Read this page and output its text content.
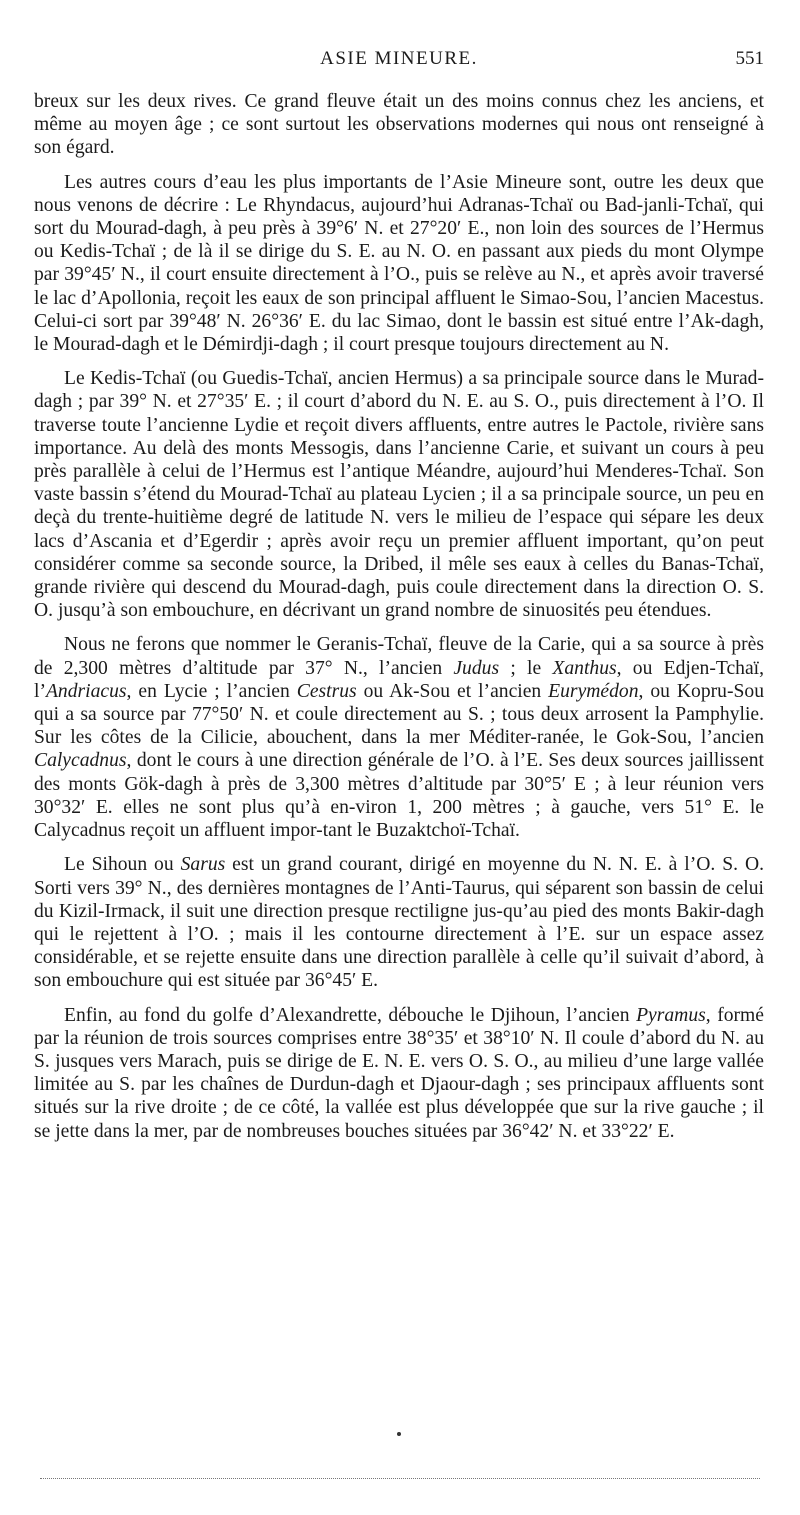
ASIE MINEURE.	551

breux sur les deux rives. Ce grand fleuve était un des moins connus chez les anciens, et même au moyen âge ; ce sont surtout les observations modernes qui nous ont renseigné à son égard.

Les autres cours d’eau les plus importants de l’Asie Mineure sont, outre les deux que nous venons de décrire : Le Rhyndacus, aujourd’hui Adranas-Tchaï ou Bad-janli-Tchaï, qui sort du Mourad-dagh, à peu près à 39°6′ N. et 27°20′ E., non loin des sources de l’Hermus ou Kedis-Tchaï ; de là il se dirige du S. E. au N. O. en passant aux pieds du mont Olympe par 39°45′ N., il court ensuite directement à l’O., puis se relève au N., et après avoir traversé le lac d’Apollonia, reçoit les eaux de son principal affluent le Simao-Sou, l’ancien Macestus. Celui-ci sort par 39°48′ N. 26°36′ E. du lac Simao, dont le bassin est situé entre l’Ak-dagh, le Mourad-dagh et le Démirdji-dagh ; il court presque toujours directement au N.

Le Kedis-Tchaï (ou Guedis-Tchaï, ancien Hermus) a sa principale source dans le Murad-dagh ; par 39° N. et 27°35′ E. ; il court d’abord du N. E. au S. O., puis directement à l’O. Il traverse toute l’ancienne Lydie et reçoit divers affluents, entre autres le Pactole, rivière sans importance. Au delà des monts Messogis, dans l’ancienne Carie, et suivant un cours à peu près parallèle à celui de l’Hermus est l’antique Méandre, aujourd’hui Menderes-Tchaï. Son vaste bassin s’étend du Mourad-Tchaï au plateau Lycien ; il a sa principale source, un peu en deçà du trente-huitième degré de latitude N. vers le milieu de l’espace qui sépare les deux lacs d’Ascania et d’Egerdir ; après avoir reçu un premier affluent important, qu’on peut considérer comme sa seconde source, la Dribed, il mêle ses eaux à celles du Banas-Tchaï, grande rivière qui descend du Mourad-dagh, puis coule directement dans la direction O. S. O. jusqu’à son embouchure, en décrivant un grand nombre de sinuosités peu étendues.

Nous ne ferons que nommer le Geranis-Tchaï, fleuve de la Carie, qui a sa source à près de 2,300 mètres d’altitude par 37° N., l’ancien Judus ; le Xanthus, ou Edjen-Tchaï, l’Andriacus, en Lycie ; l’ancien Cestrus ou Ak-Sou et l’ancien Eurymédon, ou Kopru-Sou qui a sa source par 77°50′ N. et coule directement au S. ; tous deux arrosent la Pamphylie. Sur les côtes de la Cilicie, abouchent, dans la mer Méditer-ranée, le Gok-Sou, l’ancien Calycadnus, dont le cours à une direction générale de l’O. à l’E. Ses deux sources jaillissent des monts Gök-dagh à près de 3,300 mètres d’altitude par 30°5′ E ; à leur réunion vers 30°32′ E. elles ne sont plus qu’à en-viron 1, 200 mètres ; à gauche, vers 51° E. le Calycadnus reçoit un affluent impor-tant le Buzaktchoï-Tchaï.

Le Sihoun ou Sarus est un grand courant, dirigé en moyenne du N. N. E. à l’O. S. O. Sorti vers 39° N., des dernières montagnes de l’Anti-Taurus, qui séparent son bassin de celui du Kizil-Irmack, il suit une direction presque rectiligne jus-qu’au pied des monts Bakir-dagh qui le rejettent à l’O. ; mais il les contourne directement à l’E. sur un espace assez considérable, et se rejette ensuite dans une direction parallèle à celle qu’il suivait d’abord, à son embouchure qui est située par 36°45′ E.

Enfin, au fond du golfe d’Alexandrette, débouche le Djihoun, l’ancien Pyramus, formé par la réunion de trois sources comprises entre 38°35′ et 38°10′ N. Il coule d’abord du N. au S. jusques vers Marach, puis se dirige de E. N. E. vers O. S. O., au milieu d’une large vallée limitée au S. par les chaînes de Durdun-dagh et Djaour-dagh ; ses principaux affluents sont situés sur la rive droite ; de ce côté, la vallée est plus développée que sur la rive gauche ; il se jette dans la mer, par de nombreuses bouches situées par 36°42′ N. et 33°22′ E.
